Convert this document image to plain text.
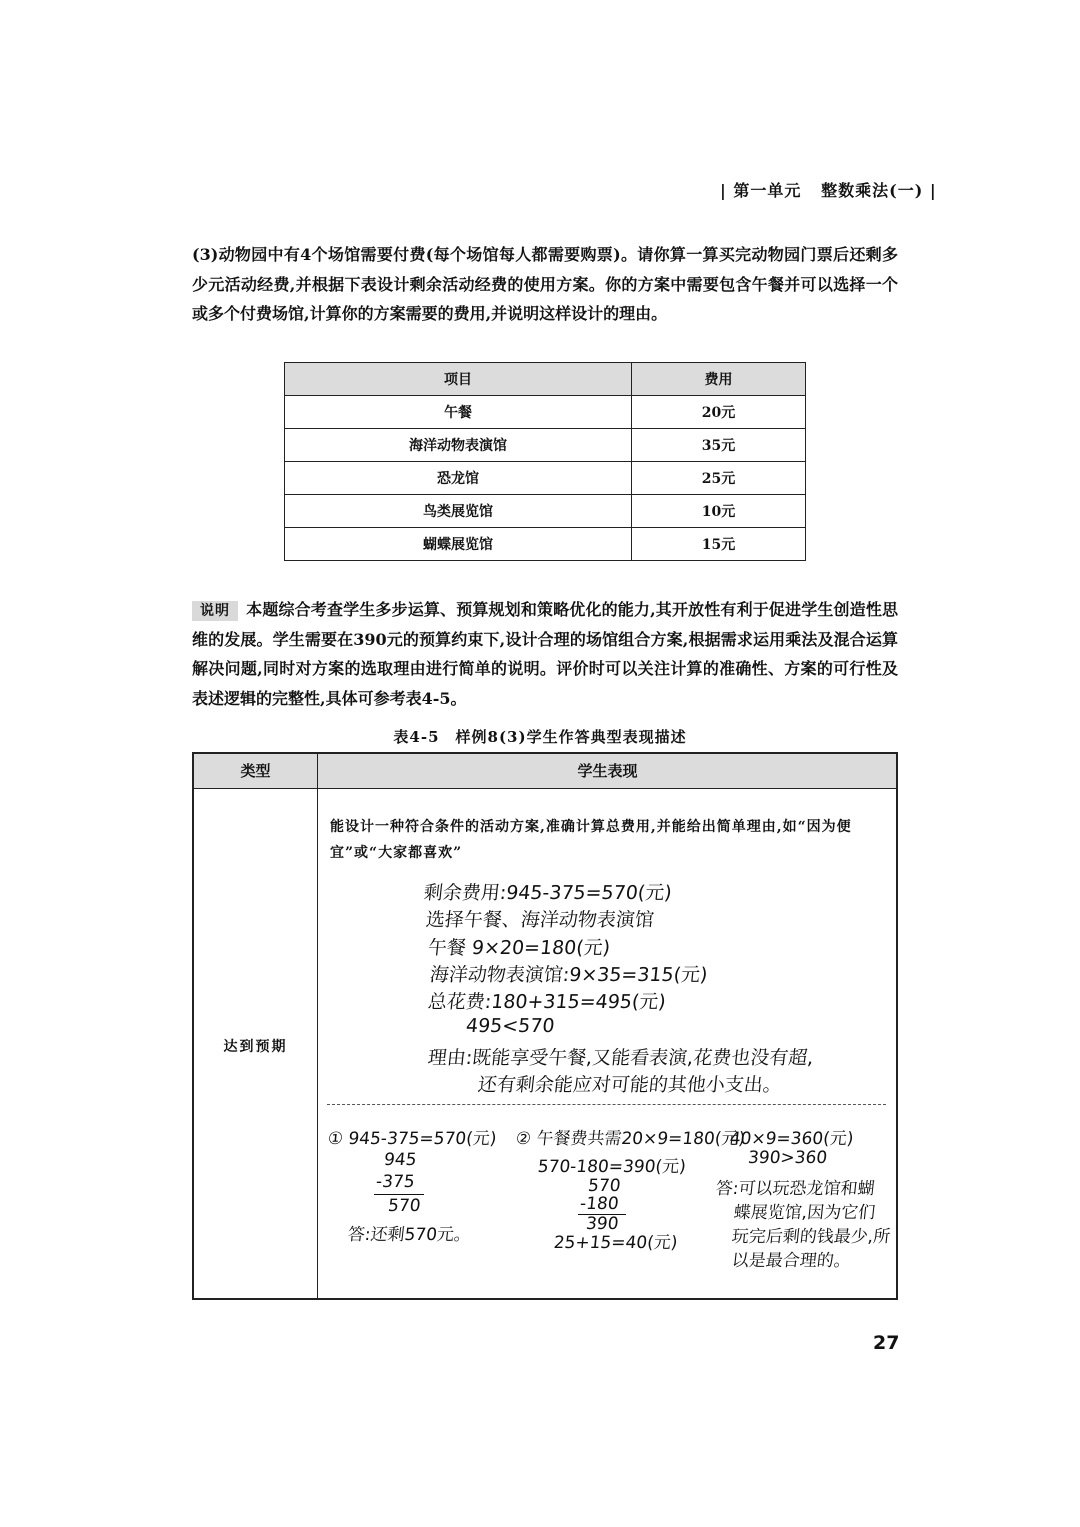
| 第一单元 整数乘法(一) |
(3)动物园中有4个场馆需要付费(每个场馆每人都需要购票)。请你算一算买完动物园门票后还剩多少元活动经费,并根据下表设计剩余活动经费的使用方案。你的方案中需要包含午餐并可以选择一个或多个付费场馆,计算你的方案需要的费用,并说明这样设计的理由。
项目	费用
午餐	20元
海洋动物表演馆	35元
恐龙馆	25元
鸟类展览馆	10元
蝴蝶展览馆	15元
说明 本题综合考查学生多步运算、预算规划和策略优化的能力,其开放性有利于促进学生创造性思维的发展。学生需要在390元的预算约束下,设计合理的场馆组合方案,根据需求运用乘法及混合运算解决问题,同时对方案的选取理由进行简单的说明。评价时可以关注计算的准确性、方案的可行性及表述逻辑的完整性,具体可参考表4-5。
表4-5　样例8(3)学生作答典型表现描述
类型	学生表现
达到预期
能设计一种符合条件的活动方案,准确计算总费用,并能给出简单理由,如“因为便宜”或“大家都喜欢”
剩余费用:945-375=570(元)
选择午餐、海洋动物表演馆
午餐 9×20=180(元)
海洋动物表演馆:9×35=315(元)
总花费:180+315=495(元)
495<570
理由:既能享受午餐,又能看表演,花费也没有超,
还有剩余能应对可能的其他小支出。
① 945-375=570(元)
945
-375
570
答:还剩570元。
② 午餐费共需20×9=180(元)
570-180=390(元)
570
-180
390
25+15=40(元)
40×9=360(元)
390>360
答:可以玩恐龙馆和蝴
蝶展览馆,因为它们
玩完后剩的钱最少,所
以是最合理的。
27
